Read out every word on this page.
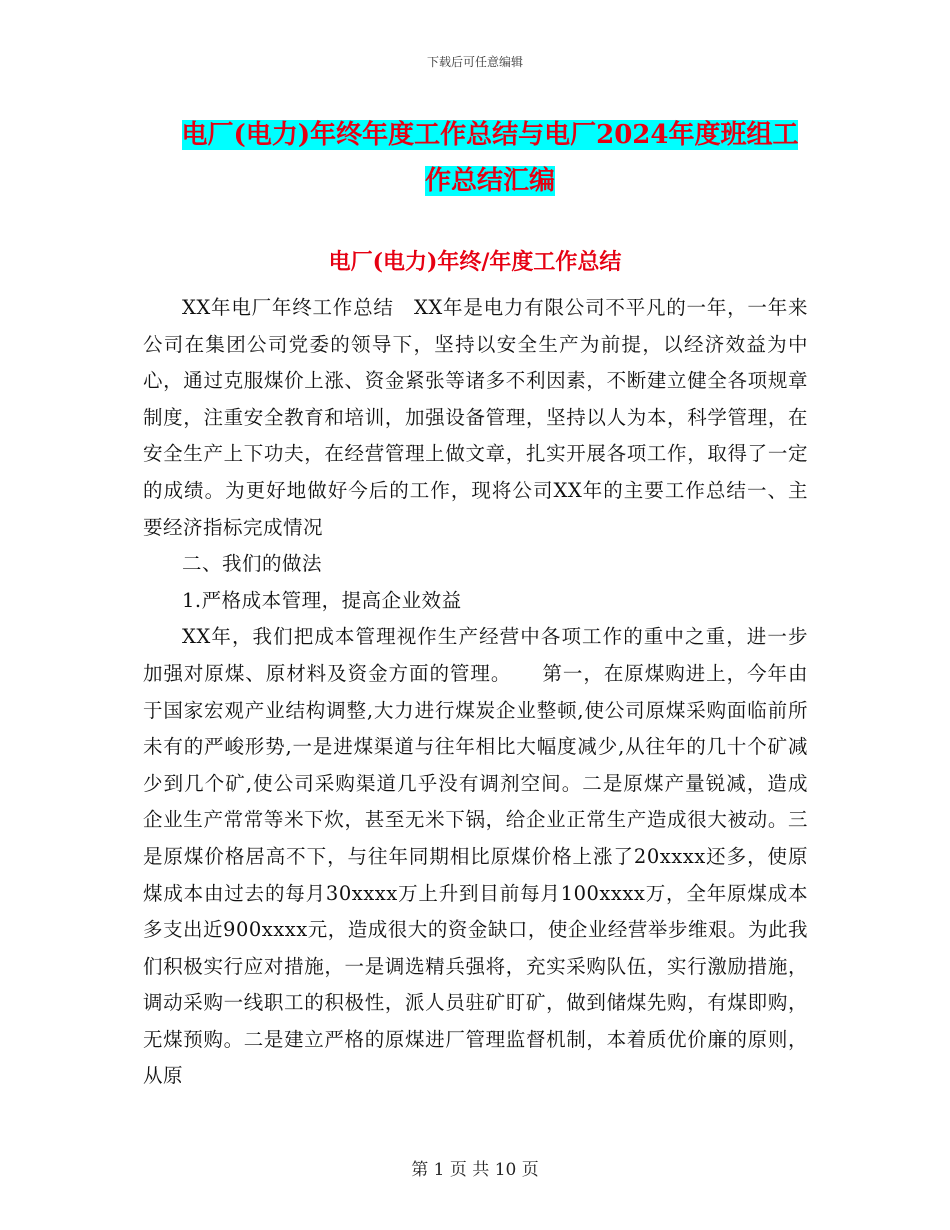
下载后可任意编辑
电厂(电力)年终年度工作总结与电厂2024年度班组工
作总结汇编
电厂(电力)年终/年度工作总结

XX年电厂年终工作总结　XX年是电力有限公司不平凡的一年，一年来公司在集团公司党委的领导下，坚持以安全生产为前提，以经济效益为中心，通过克服煤价上涨、资金紧张等诸多不利因素，不断建立健全各项规章制度，注重安全教育和培训，加强设备管理，坚持以人为本，科学管理，在安全生产上下功夫，在经营管理上做文章，扎实开展各项工作，取得了一定的成绩。为更好地做好今后的工作，现将公司XX年的主要工作总结一、主要经济指标完成情况

二、我们的做法

1.严格成本管理，提高企业效益

XX年，我们把成本管理视作生产经营中各项工作的重中之重，进一步加强对原煤、原材料及资金方面的管理。　　第一，在原煤购进上，今年由于国家宏观产业结构调整,大力进行煤炭企业整顿,使公司原煤采购面临前所未有的严峻形势,一是进煤渠道与往年相比大幅度减少,从往年的几十个矿减少到几个矿,使公司采购渠道几乎没有调剂空间。二是原煤产量锐减，造成企业生产常常等米下炊，甚至无米下锅，给企业正常生产造成很大被动。三是原煤价格居高不下，与往年同期相比原煤价格上涨了20xxxx还多，使原煤成本由过去的每月30xxxx万上升到目前每月100xxxx万，全年原煤成本多支出近900xxxx元，造成很大的资金缺口，使企业经营举步维艰。为此我们积极实行应对措施，一是调选精兵强将，充实采购队伍，实行激励措施，调动采购一线职工的积极性，派人员驻矿盯矿，做到储煤先购，有煤即购，无煤预购。二是建立严格的原煤进厂管理监督机制，本着质优价廉的原则，从原

第 1 页 共 10 页
